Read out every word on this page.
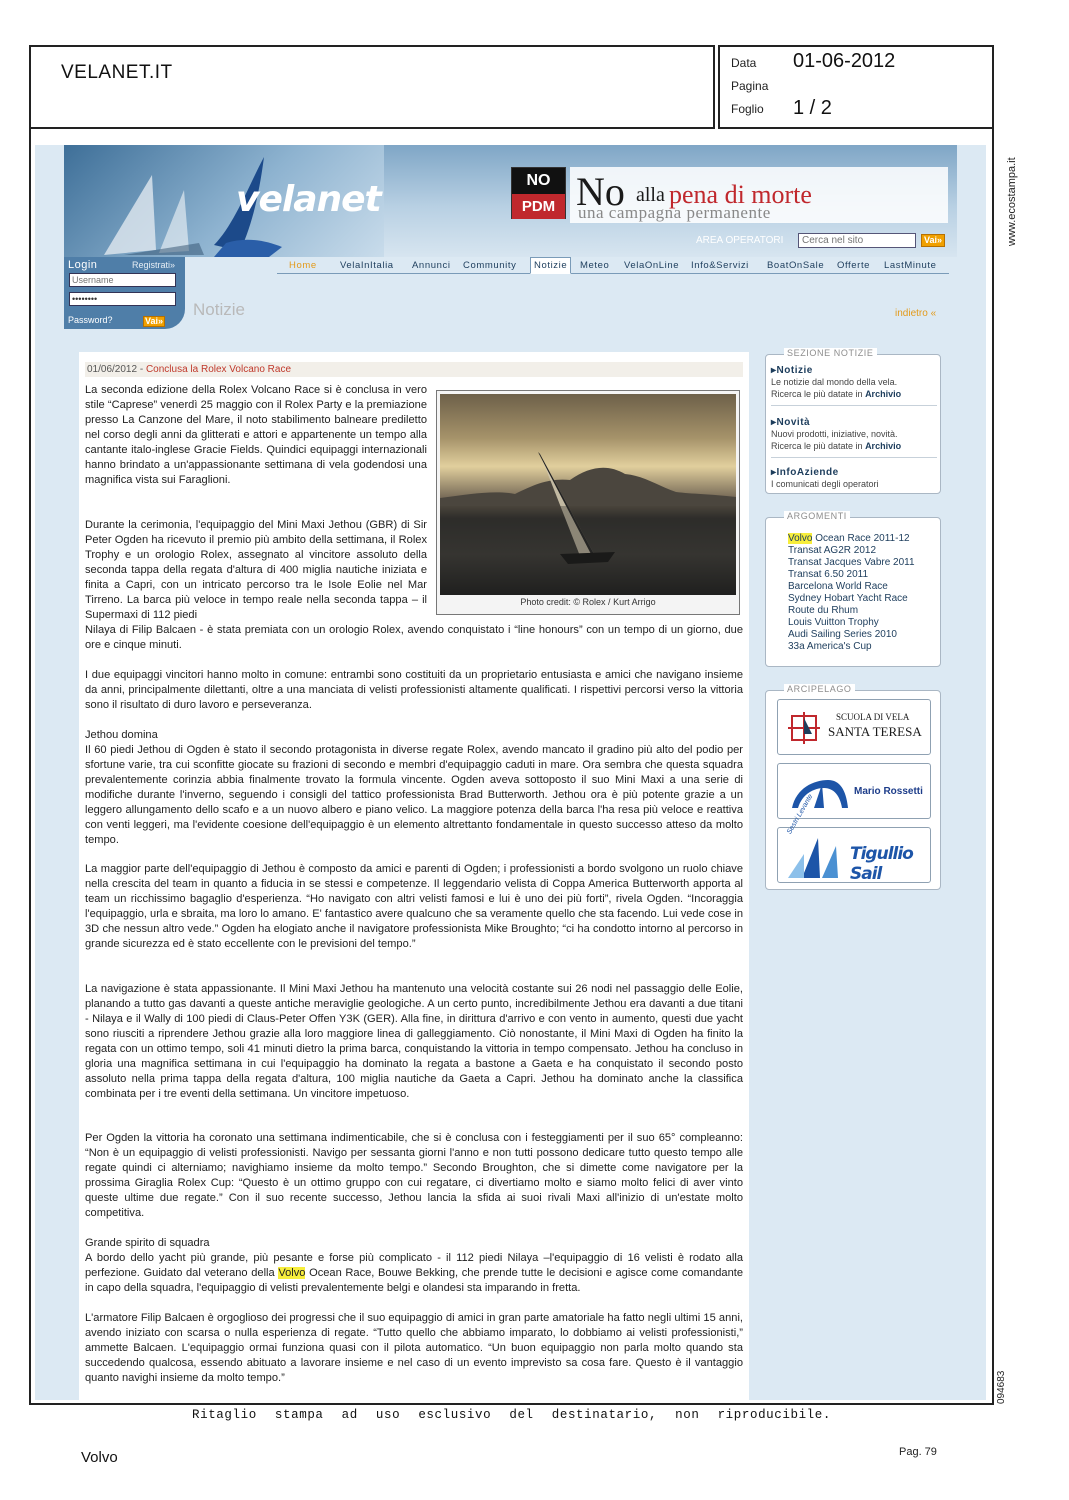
VELANET.IT	Data 01-06-2012
Pagina
Foglio 1 / 2
velanet	NO
PDM No alla pena di morte
una campagna permanente
AREA OPERATORI
Cerca nel sito	Vai»
Login	Registrati»
Username
••••••••
Password?	Vai»
Home VelaInItalia Annunci Community	Notizie	Meteo VelaOnLine Info&Servizi BoatOnSale Offerte LastMinute
Notizie	indietro «
01/06/2012 - Conclusa la Rolex Volcano Race
Photo credit: © Rolex / Kurt Arrigo

La seconda edizione della Rolex Volcano Race si è conclusa in vero stile “Caprese” venerdì 25 maggio con il Rolex Party e la premiazione presso La Canzone del Mare, il noto stabilimento balneare prediletto nel corso degli anni da glitterati e attori e appartenente un tempo alla cantante italo-inglese Gracie Fields. Quindici equipaggi internazionali hanno brindato a un'appassionante settimana di vela godendosi una magnifica vista sui Faraglioni.

Durante la cerimonia, l'equipaggio del Mini Maxi Jethou (GBR) di Sir Peter Ogden ha ricevuto il premio più ambito della settimana, il Rolex Trophy e un orologio Rolex, assegnato al vincitore assoluto della seconda tappa della regata d'altura di 400 miglia nautiche iniziata e finita a Capri, con un intricato percorso tra le Isole Eolie nel Mar Tirreno. La barca più veloce in tempo reale nella seconda tappa – il Supermaxi di 112 piedi

Nilaya di Filip Balcaen - è stata premiata con un orologio Rolex, avendo conquistato i “line honours” con un tempo di un giorno, due ore e cinque minuti.

I due equipaggi vincitori hanno molto in comune: entrambi sono costituiti da un proprietario entusiasta e amici che navigano insieme da anni, principalmente dilettanti, oltre a una manciata di velisti professionisti altamente qualificati. I rispettivi percorsi verso la vittoria sono il risultato di duro lavoro e perseveranza.

Jethou domina

Il 60 piedi Jethou di Ogden è stato il secondo protagonista in diverse regate Rolex, avendo mancato il gradino più alto del podio per sfortune varie, tra cui sconfitte giocate su frazioni di secondo e membri d'equipaggio caduti in mare. Ora sembra che questa squadra prevalentemente corinzia abbia finalmente trovato la formula vincente. Ogden aveva sottoposto il suo Mini Maxi a una serie di modifiche durante l'inverno, seguendo i consigli del tattico professionista Brad Butterworth. Jethou ora è più potente grazie a un leggero allungamento dello scafo e a un nuovo albero e piano velico. La maggiore potenza della barca l'ha resa più veloce e reattiva con venti leggeri, ma l'evidente coesione dell'equipaggio è un elemento altrettanto fondamentale in questo successo atteso da molto tempo.

La maggior parte dell'equipaggio di Jethou è composto da amici e parenti di Ogden; i professionisti a bordo svolgono un ruolo chiave nella crescita del team in quanto a fiducia in se stessi e competenze. Il leggendario velista di Coppa America Butterworth apporta al team un ricchissimo bagaglio d'esperienza. “Ho navigato con altri velisti famosi e lui è uno dei più forti”, rivela Ogden. “Incoraggia l'equipaggio, urla e sbraita, ma loro lo amano. E' fantastico avere qualcuno che sa veramente quello che sta facendo. Lui vede cose in 3D che nessun altro vede.” Ogden ha elogiato anche il navigatore professionista Mike Broughto; “ci ha condotto intorno al percorso in grande sicurezza ed è stato eccellente con le previsioni del tempo.”

La navigazione è stata appassionante. Il Mini Maxi Jethou ha mantenuto una velocità costante sui 26 nodi nel passaggio delle Eolie, planando a tutto gas davanti a queste antiche meraviglie geologiche. A un certo punto, incredibilmente Jethou era davanti a due titani - Nilaya e il Wally di 100 piedi di Claus-Peter Offen Y3K (GER). Alla fine, in dirittura d'arrivo e con vento in aumento, questi due yacht sono riusciti a riprendere Jethou grazie alla loro maggiore linea di galleggiamento. Ciò nonostante, il Mini Maxi di Ogden ha finito la regata con un ottimo tempo, soli 41 minuti dietro la prima barca, conquistando la vittoria in tempo compensato. Jethou ha concluso in gloria una magnifica settimana in cui l'equipaggio ha dominato la regata a bastone a Gaeta e ha conquistato il secondo posto assoluto nella prima tappa della regata d'altura, 100 miglia nautiche da Gaeta a Capri. Jethou ha dominato anche la classifica combinata per i tre eventi della settimana. Un vincitore impetuoso.

Per Ogden la vittoria ha coronato una settimana indimenticabile, che si è conclusa con i festeggiamenti per il suo 65° compleanno: “Non è un equipaggio di velisti professionisti. Navigo per sessanta giorni l'anno e non tutti possono dedicare tutto questo tempo alle regate quindi ci alterniamo; navighiamo insieme da molto tempo.” Secondo Broughton, che si dimette come navigatore per la prossima Giraglia Rolex Cup: “Questo è un ottimo gruppo con cui regatare, ci divertiamo molto e siamo molto felici di aver vinto queste ultime due regate.” Con il suo recente successo, Jethou lancia la sfida ai suoi rivali Maxi all'inizio di un'estate molto competitiva.

Grande spirito di squadra

A bordo dello yacht più grande, più pesante e forse più complicato - il 112 piedi Nilaya –l'equipaggio di 16 velisti è rodato alla perfezione. Guidato dal veterano della Volvo Ocean Race, Bouwe Bekking, che prende tutte le decisioni e agisce come comandante in capo della squadra, l'equipaggio di velisti prevalentemente belgi e olandesi sta imparando in fretta.

L'armatore Filip Balcaen è orgoglioso dei progressi che il suo equipaggio di amici in gran parte amatoriale ha fatto negli ultimi 15 anni, avendo iniziato con scarsa o nulla esperienza di regate. “Tutto quello che abbiamo imparato, lo dobbiamo ai velisti professionisti,” ammette Balcaen. L'equipaggio ormai funziona quasi con il pilota automatico. “Un buon equipaggio non parla molto quando sta succedendo qualcosa, essendo abituato a lavorare insieme e nel caso di un evento imprevisto sa cosa fare. Questo è il vantaggio quanto navighi insieme da molto tempo.”

SEZIONE NOTIZIE
▸Notizie
Le notizie dal mondo della vela.
Ricerca le più datate in Archivio
▸Novità
Nuovi prodotti, iniziative, novità.
Ricerca le più datate in Archivio
▸InfoAziende
I comunicati degli operatori
ARGOMENTI
Volvo Ocean Race 2011-12
Transat AG2R 2012
Transat Jacques Vabre 2011
Transat 6.50 2011
Barcelona World Race
Sydney Hobart Yacht Race
Route du Rhum
Louis Vuitton Trophy
Audi Sailing Series 2010
33a America's Cup
ARCIPELAGO
SCUOLA DI VELA
SANTA TERESA
Mario Rossetti
Sestri Levante
Tigullio Sail
www.ecostampa.it
094683
Ritaglio stampa ad uso esclusivo del destinatario, non riproducibile.
Volvo	Pag. 79
